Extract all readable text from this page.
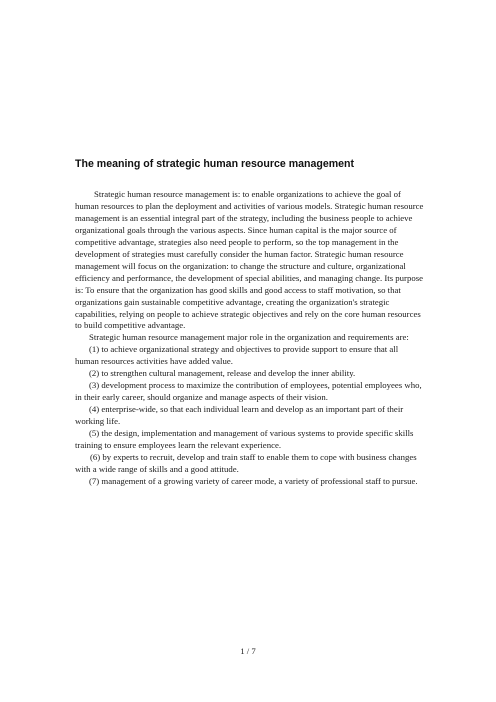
The meaning of strategic human resource management

Strategic human resource management is: to enable organizations to achieve the goal of human resources to plan the deployment and activities of various models. Strategic human resource management is an essential integral part of the strategy, including the business people to achieve organizational goals through the various aspects. Since human capital is the major source of competitive advantage, strategies also need people to perform, so the top management in the development of strategies must carefully consider the human factor. Strategic human resource management will focus on the organization: to change the structure and culture, organizational efficiency and performance, the development of special abilities, and managing change. Its purpose is: To ensure that the organization has good skills and good access to staff motivation, so that organizations gain sustainable competitive advantage, creating the organization's strategic capabilities, relying on people to achieve strategic objectives and rely on the core human resources to build competitive advantage.

Strategic human resource management major role in the organization and requirements are:

(1) to achieve organizational strategy and objectives to provide support to ensure that all human resources activities have added value.

(2) to strengthen cultural management, release and develop the inner ability.

(3) development process to maximize the contribution of employees, potential employees who, in their early career, should organize and manage aspects of their vision.

(4) enterprise-wide, so that each individual learn and develop as an important part of their working life.

(5) the design, implementation and management of various systems to provide specific skills training to ensure employees learn the relevant experience.

(6) by experts to recruit, develop and train staff to enable them to cope with business changes with a wide range of skills and a good attitude.

(7) management of a growing variety of career mode, a variety of professional staff to pursue.

1 / 7
